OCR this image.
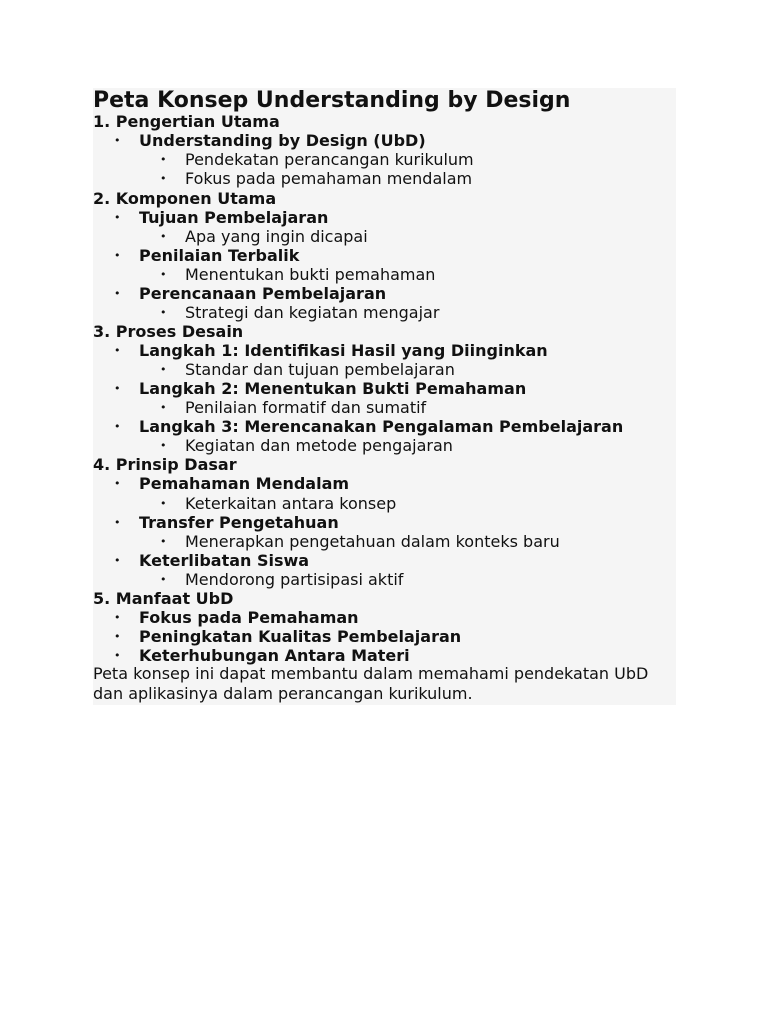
Peta Konsep Understanding by Design
1. Pengertian Utama
• Understanding by Design (UbD)
• Pendekatan perancangan kurikulum
• Fokus pada pemahaman mendalam
2. Komponen Utama
• Tujuan Pembelajaran
• Apa yang ingin dicapai
• Penilaian Terbalik
• Menentukan bukti pemahaman
• Perencanaan Pembelajaran
• Strategi dan kegiatan mengajar
3. Proses Desain
• Langkah 1: Identifikasi Hasil yang Diinginkan
• Standar dan tujuan pembelajaran
• Langkah 2: Menentukan Bukti Pemahaman
• Penilaian formatif dan sumatif
• Langkah 3: Merencanakan Pengalaman Pembelajaran
• Kegiatan dan metode pengajaran
4. Prinsip Dasar
• Pemahaman Mendalam
• Keterkaitan antara konsep
• Transfer Pengetahuan
• Menerapkan pengetahuan dalam konteks baru
• Keterlibatan Siswa
• Mendorong partisipasi aktif
5. Manfaat UbD
• Fokus pada Pemahaman
• Peningkatan Kualitas Pembelajaran
• Keterhubungan Antara Materi

Peta konsep ini dapat membantu dalam memahami pendekatan UbD dan aplikasinya dalam perancangan kurikulum.
